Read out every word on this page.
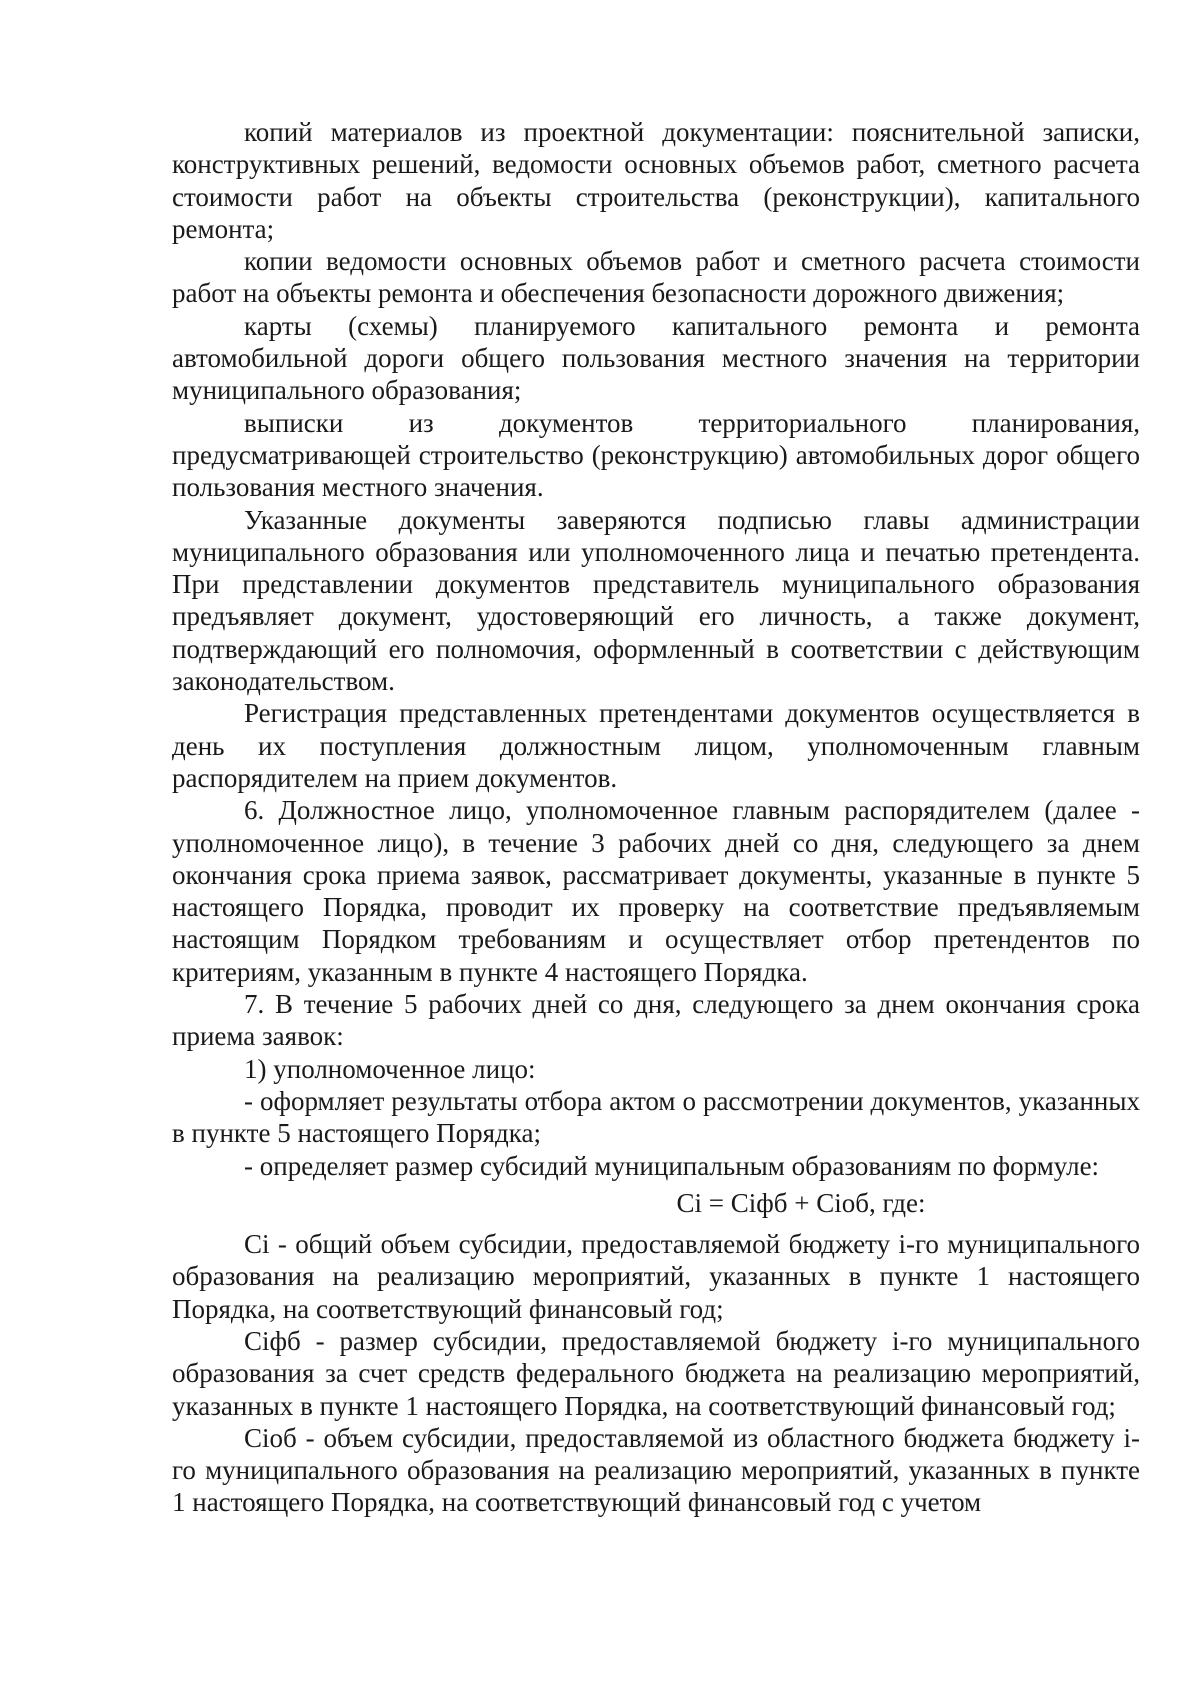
копий материалов из проектной документации: пояснительной записки, конструктивных решений, ведомости основных объемов работ, сметного расчета стоимости работ на объекты строительства (реконструкции), капитального ремонта;

копии ведомости основных объемов работ и сметного расчета стоимости работ на объекты ремонта и обеспечения безопасности дорожного движения;

карты (схемы) планируемого капитального ремонта и ремонта автомобильной дороги общего пользования местного значения на территории муниципального образования;

выписки из документов территориального планирования, предусматривающей строительство (реконструкцию) автомобильных дорог общего пользования местного значения.

Указанные документы заверяются подписью главы администрации муниципального образования или уполномоченного лица и печатью претендента. При представлении документов представитель муниципального образования предъявляет документ, удостоверяющий его личность, а также документ, подтверждающий его полномочия, оформленный в соответствии с действующим законодательством.

Регистрация представленных претендентами документов осуществляется в день их поступления должностным лицом, уполномоченным главным распорядителем на прием документов.

6. Должностное лицо, уполномоченное главным распорядителем (далее - уполномоченное лицо), в течение 3 рабочих дней со дня, следующего за днем окончания срока приема заявок, рассматривает документы, указанные в пункте 5 настоящего Порядка, проводит их проверку на соответствие предъявляемым настоящим Порядком требованиям и осуществляет отбор претендентов по критериям, указанным в пункте 4 настоящего Порядка.

7. В течение 5 рабочих дней со дня, следующего за днем окончания срока приема заявок:

1) уполномоченное лицо:

- оформляет результаты отбора актом о рассмотрении документов, указанных в пункте 5 настоящего Порядка;

- определяет размер субсидий муниципальным образованиям по формуле:

Ci = Ciфб + Ciоб, где:

Ci - общий объем субсидии, предоставляемой бюджету i-го муниципального образования на реализацию мероприятий, указанных в пункте 1 настоящего Порядка, на соответствующий финансовый год;

Ciфб - размер субсидии, предоставляемой бюджету i-го муниципального образования за счет средств федерального бюджета на реализацию мероприятий, указанных в пункте 1 настоящего Порядка, на соответствующий финансовый год;

Ciоб - объем субсидии, предоставляемой из областного бюджета бюджету i-го муниципального образования на реализацию мероприятий, указанных в пункте 1 настоящего Порядка, на соответствующий финансовый год с учетом
